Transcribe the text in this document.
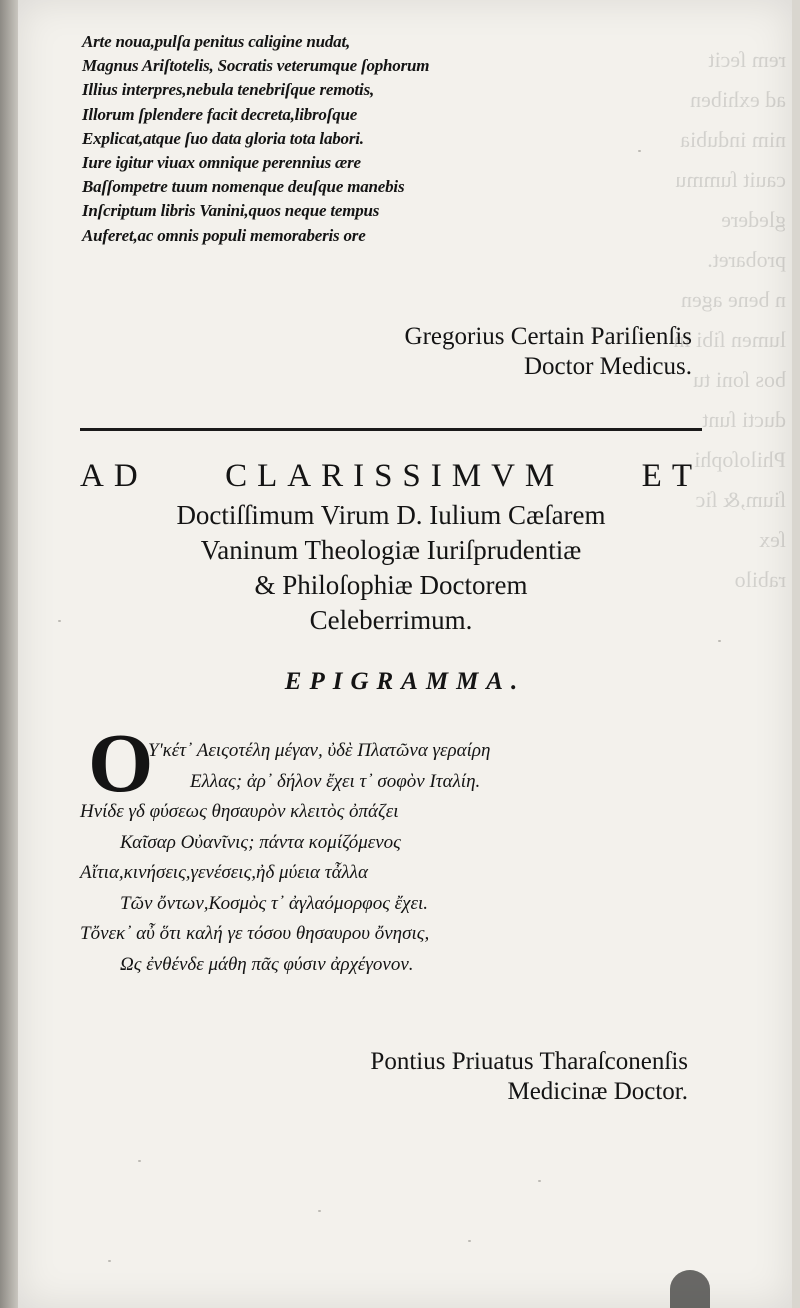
rem ſecit
ad exhiben
nim indubia
cauit ſummu
gledere
probaret.
n bene agen
lumen ſibi in
bos ſoni tu
ducti ſunt
Philoſophi
ſium,& ſic
ſex
rabilo
Arte noua,pulſa penitus caligine nudat,
Magnus Ariſtotelis, Socratis veterumque ſophorum
Illius interpres,nebula tenebriſque remotis,
Illorum ſplendere facit decreta,libroſque
Explicat,atque ſuo data gloria tota labori.
Iure igitur viuax omnique perennius ære
Baſſompetre tuum nomenque deuſque manebis
Inſcriptum libris Vanini,quos neque tempus
Auferet,ac omnis populi memoraberis ore
Gregorius Certain Pariſienſis
Doctor Medicus.
AD CLARISSIMVM ET
Doctiſſimum Virum D. Iulium Cæſarem
Vaninum Theologiæ Iuriſprudentiæ
& Philoſophiæ Doctorem
Celeberrimum.
EPIGRAMMA.
O
Υ'κέτ᾽ Αειςοτέλη μέγαν, ὐδὲ Πλατῶνα γεραίρη
Ελλας; ἀρ᾽ δήλον ἔχει τ᾽ σοφὸν Ιταλίη.
Ηνίδε γδ φύσεως θησαυρὸν κλειτὸς ὀπάζει
Καῖσαρ Οὐανῖνις; πάντα κομίζόμενος
Αἴτια,κινήσεις,γενέσεις,ἠδ μύεια τἆλλα
Τῶν ὄντων,Κοσμὸς τ᾽ ἀγλαόμορφος ἔχει.
Τὄνεκ᾽ αὖ ὅτι καλή γε τόσου θησαυρου ὄνησις,
Ως ἐνθένδε μάθη πᾶς φύσιν ἀρχέγονον.
Pontius Priuatus Tharaſconenſis
Medicinæ Doctor.
